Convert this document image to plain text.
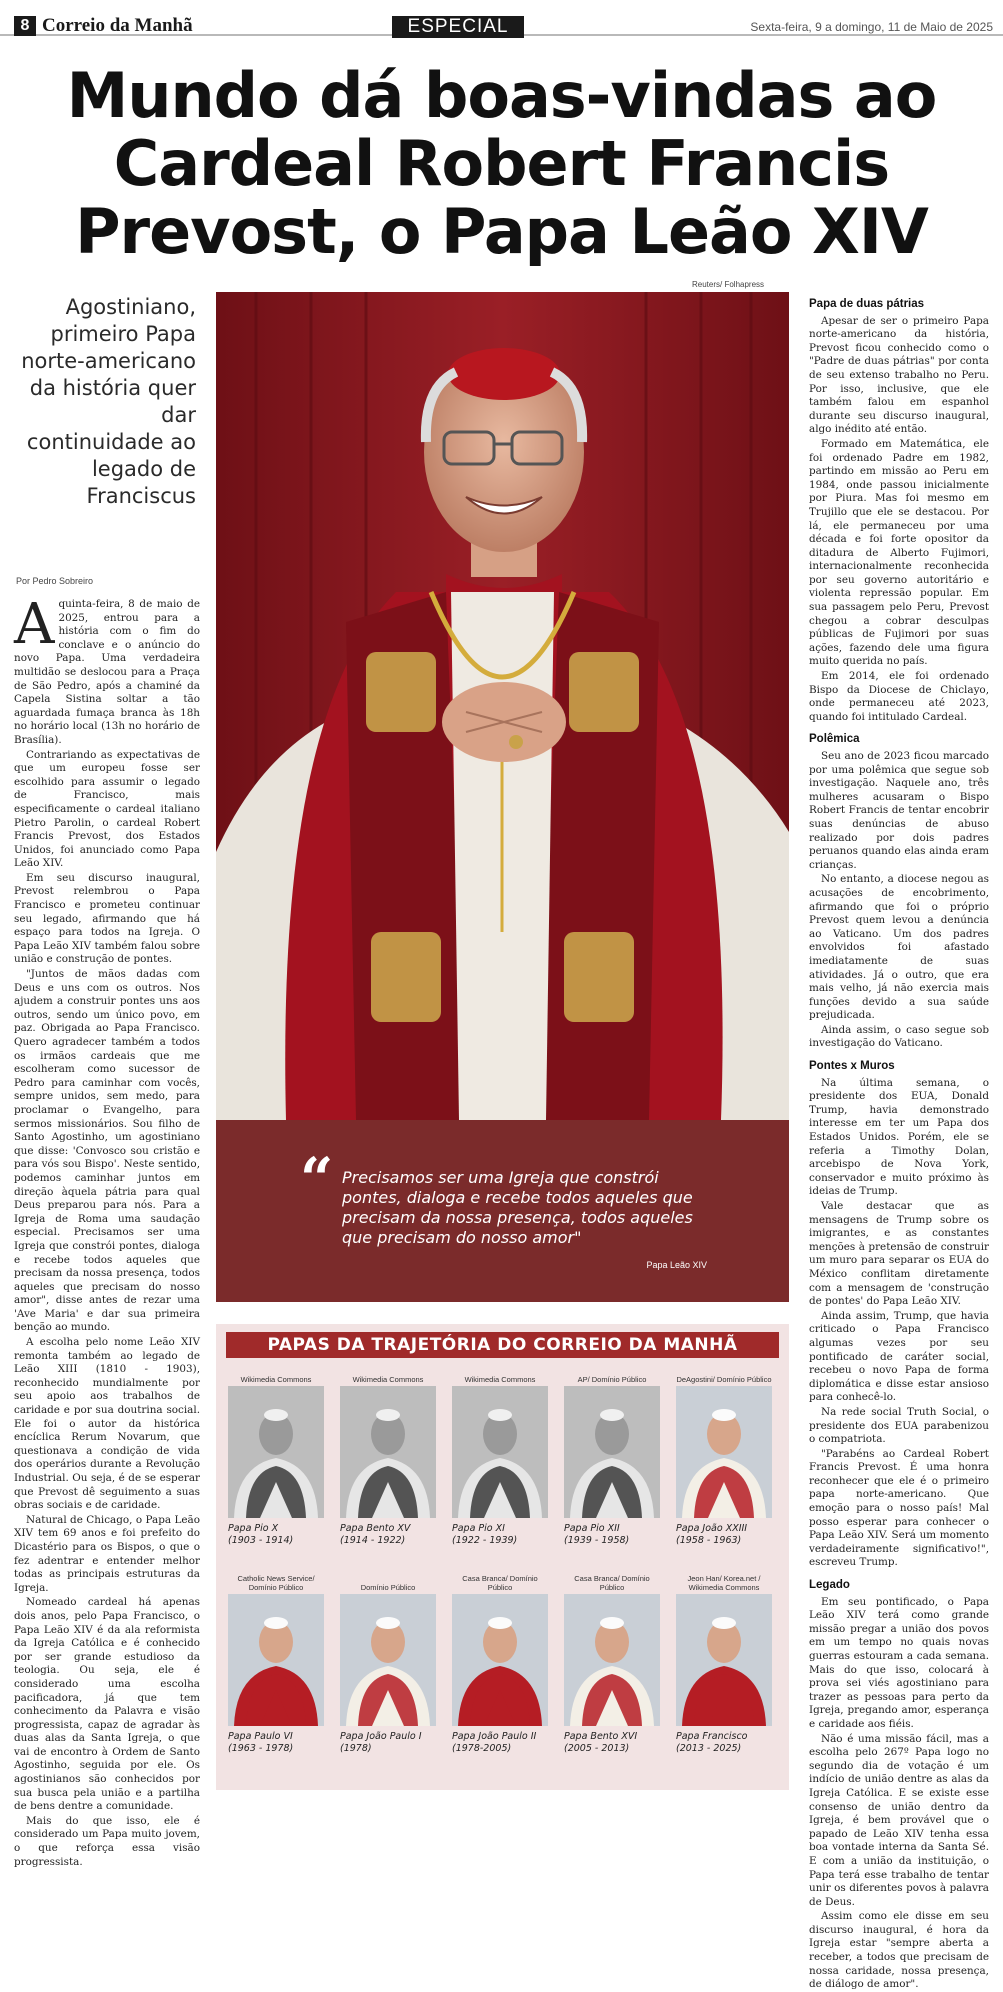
8 Correio da Manhã	ESPECIAL	Sexta-feira, 9 a domingo, 11 de Maio de 2025
Mundo dá boas-vindas ao Cardeal Robert Francis Prevost, o Papa Leão XIV
Agostiniano, primeiro Papa norte-americano da história quer dar continuidade ao legado de Franciscus
Por Pedro Sobreiro

Aquinta-feira, 8 de maio de 2025, entrou para a história com o fim do conclave e o anúncio do novo Papa. Uma verdadeira multidão se deslocou para a Praça de São Pedro, após a chaminé da Capela Sistina soltar a tão aguardada fumaça branca às 18h no horário local (13h no horário de Brasília).

Contrariando as expectativas de que um europeu fosse ser escolhido para assumir o legado de Francisco, mais especificamente o cardeal italiano Pietro Parolin, o cardeal Robert Francis Prevost, dos Estados Unidos, foi anunciado como Papa Leão XIV.

Em seu discurso inaugural, Prevost relembrou o Papa Francisco e prometeu continuar seu legado, afirmando que há espaço para todos na Igreja. O Papa Leão XIV também falou sobre união e construção de pontes.

"Juntos de mãos dadas com Deus e uns com os outros. Nos ajudem a construir pontes uns aos outros, sendo um único povo, em paz. Obrigada ao Papa Francisco. Quero agradecer também a todos os irmãos cardeais que me escolheram como sucessor de Pedro para caminhar com vocês, sempre unidos, sem medo, para proclamar o Evangelho, para sermos missionários. Sou filho de Santo Agostinho, um agostiniano que disse: 'Convosco sou cristão e para vós sou Bispo'. Neste sentido, podemos caminhar juntos em direção àquela pátria para qual Deus preparou para nós. Para a Igreja de Roma uma saudação especial. Precisamos ser uma Igreja que constrói pontes, dialoga e recebe todos aqueles que precisam da nossa presença, todos aqueles que precisam do nosso amor", disse antes de rezar uma 'Ave Maria' e dar sua primeira benção ao mundo.

A escolha pelo nome Leão XIV remonta também ao legado de Leão XIII (1810 - 1903), reconhecido mundialmente por seu apoio aos trabalhos de caridade e por sua doutrina social. Ele foi o autor da histórica encíclica Rerum Novarum, que questionava a condição de vida dos operários durante a Revolução Industrial. Ou seja, é de se esperar que Prevost dê seguimento a suas obras sociais e de caridade.

Natural de Chicago, o Papa Leão XIV tem 69 anos e foi prefeito do Dicastério para os Bispos, o que o fez adentrar e entender melhor todas as principais estruturas da Igreja.

Nomeado cardeal há apenas dois anos, pelo Papa Francisco, o Papa Leão XIV é da ala reformista da Igreja Católica e é conhecido por ser grande estudioso da teologia. Ou seja, ele é considerado uma escolha pacificadora, já que tem conhecimento da Palavra e visão progressista, capaz de agradar às duas alas da Santa Igreja, o que vai de encontro à Ordem de Santo Agostinho, seguida por ele. Os agostinianos são conhecidos por sua busca pela união e a partilha de bens dentre a comunidade.

Mais do que isso, ele é considerado um Papa muito jovem, o que reforça essa visão progressista.

Reuters/ Folhapress
“ Precisamos ser uma Igreja que constrói pontes, dialoga e recebe todos aqueles que precisam da nossa presença, todos aqueles que precisam do nosso amor"
Papa Leão XIV
PAPAS DA TRAJETÓRIA DO CORREIO DA MANHÃ
Wikimedia Commons
Papa Pio X
(1903 - 1914)
Wikimedia Commons
Papa Bento XV
(1914 - 1922)
Wikimedia Commons
Papa Pio XI
(1922 - 1939)
AP/ Domínio Público
Papa Pio XII
(1939 - 1958)
DeAgostini/ Domínio Público
Papa João XXIII
(1958 - 1963)
Catholic News Service/ Domínio Público
Papa Paulo VI
(1963 - 1978)
Domínio Público
Papa João Paulo I
(1978)
Casa Branca/ Domínio Público
Papa João Paulo II
(1978-2005)
Casa Branca/ Domínio Público
Papa Bento XVI
(2005 - 2013)
Jeon Han/ Korea.net / Wikimedia Commons
Papa Francisco
(2013 - 2025)
Papa de duas pátrias

Apesar de ser o primeiro Papa norte-americano da história, Prevost ficou conhecido como o "Padre de duas pátrias" por conta de seu extenso trabalho no Peru. Por isso, inclusive, que ele também falou em espanhol durante seu discurso inaugural, algo inédito até então.

Formado em Matemática, ele foi ordenado Padre em 1982, partindo em missão ao Peru em 1984, onde passou inicialmente por Piura. Mas foi mesmo em Trujillo que ele se destacou. Por lá, ele permaneceu por uma década e foi forte opositor da ditadura de Alberto Fujimori, internacionalmente reconhecida por seu governo autoritário e violenta repressão popular. Em sua passagem pelo Peru, Prevost chegou a cobrar desculpas públicas de Fujimori por suas ações, fazendo dele uma figura muito querida no país.

Em 2014, ele foi ordenado Bispo da Diocese de Chiclayo, onde permaneceu até 2023, quando foi intitulado Cardeal.

Polêmica

Seu ano de 2023 ficou marcado por uma polêmica que segue sob investigação. Naquele ano, três mulheres acusaram o Bispo Robert Francis de tentar encobrir suas denúncias de abuso realizado por dois padres peruanos quando elas ainda eram crianças.

No entanto, a diocese negou as acusações de encobrimento, afirmando que foi o próprio Prevost quem levou a denúncia ao Vaticano. Um dos padres envolvidos foi afastado imediatamente de suas atividades. Já o outro, que era mais velho, já não exercia mais funções devido a sua saúde prejudicada.

Ainda assim, o caso segue sob investigação do Vaticano.

Pontes x Muros

Na última semana, o presidente dos EUA, Donald Trump, havia demonstrado interesse em ter um Papa dos Estados Unidos. Porém, ele se referia a Timothy Dolan, arcebispo de Nova York, conservador e muito próximo às ideias de Trump.

Vale destacar que as mensagens de Trump sobre os imigrantes, e as constantes menções à pretensão de construir um muro para separar os EUA do México conflitam diretamente com a mensagem de 'construção de pontes' do Papa Leão XIV.

Ainda assim, Trump, que havia criticado o Papa Francisco algumas vezes por seu pontificado de caráter social, recebeu o novo Papa de forma diplomática e disse estar ansioso para conhecê-lo.

Na rede social Truth Social, o presidente dos EUA parabenizou o compatriota.

"Parabéns ao Cardeal Robert Francis Prevost. É uma honra reconhecer que ele é o primeiro papa norte-americano. Que emoção para o nosso país! Mal posso esperar para conhecer o Papa Leão XIV. Será um momento verdadeiramente significativo!", escreveu Trump.

Legado

Em seu pontificado, o Papa Leão XIV terá como grande missão pregar a união dos povos em um tempo no quais novas guerras estouram a cada semana. Mais do que isso, colocará à prova sei viés agostiniano para trazer as pessoas para perto da Igreja, pregando amor, esperança e caridade aos fiéis.

Não é uma missão fácil, mas a escolha pelo 267º Papa logo no segundo dia de votação é um indício de união dentre as alas da Igreja Católica. E se existe esse consenso de união dentro da Igreja, é bem provável que o papado de Leão XIV tenha essa boa vontade interna da Santa Sé. E com a união da instituição, o Papa terá esse trabalho de tentar unir os diferentes povos à palavra de Deus.

Assim como ele disse em seu discurso inaugural, é hora da Igreja estar "sempre aberta a receber, a todos que precisam de nossa caridade, nossa presença, de diálogo de amor".
